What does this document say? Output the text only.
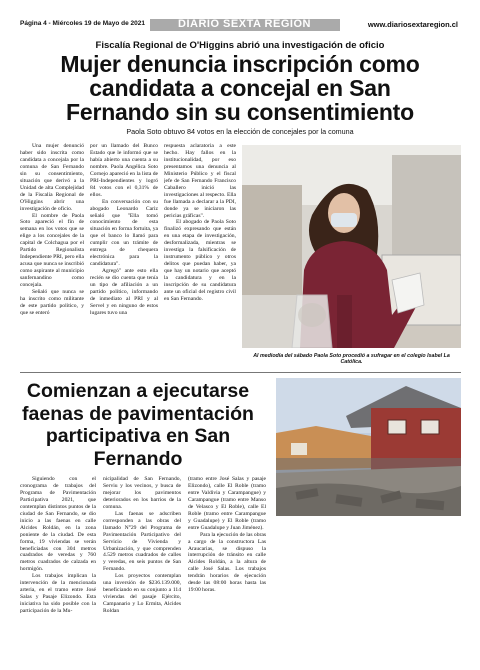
Página 4 - Miércoles 19 de Mayo de 2021	DIARIO SEXTA REGIÓN	www.diariosextaregion.cl
Fiscalía Regional de O'Higgins abrió una investigación de oficio
Mujer denuncia inscripción como candidata a concejal en San Fernando sin su consentimiento
Paola Soto obtuvo 84 votos en la elección de concejales por la comuna

Una mujer denunció haber sido inscrita como candidata a concejala por la comuna de San Fernando sin su consentimiento, situación que derivó a la Unidad de alta Complejidad de la Fiscalía Regional de O'Higgins abrir una investigación de oficio.

El nombre de Paola Soto apareció el fin de semana en los votos que se elige a los concejales de la capital de Colchagua por el Partido Regionalista Independiente PRI, pero ella acusa que nunca se inscribió como aspirante al municipio sanfernandino como concejala.

Señaló que nunca se ha inscrito como militante de este partido político, y que se enteró

por un llamado del Bunco Estado que le informó que se había abierto una cuenta a su nombre. Paola Angélica Soto Cornejo apareció en la lista de PRI-Independientes y logró 84 votos con el 0,31% de ellos.

En conversación con su abogado Leonardo Cariz señaló que "Ella tomó conocimiento de esta situación en forma fortuita, ya que el banco lo llamó para cumplir con un trámite de entrega de chequera electrónica para la candidatura".

Agregó" ante esto ella recién se dio cuenta que tenía un tipo de afiliación a un partido político, informando de inmediato al PRI y al Servel y en ninguno de estos lugares tuvo una

respuesta aclaratoria a este hecho. Hay fallos en la institucionalidad, por eso presentamos una denuncia al Ministerio Público y el fiscal jefe de San Fernando Francisco Caballero inició las investigaciones al respecto. Ella fue llamada a declarar a la PDI, donde ya se iniciaron las pericias gráficas".

El abogado de Paola Soto finalizó expresando que están en una etapa de investigación, desformalizada, mientras se investiga la falsificación de instrumento público y otros delitos que puedan haber, ya que hay un notario que aceptó la candidatura y en la inscripción de su candidatura ante un oficial del registro civil en San Fernando.

Al mediodía del sábado Paola Soto procedió a sufragar en el colegio Isabel La Católica.
Comienzan a ejecutarse faenas de pavimentación participativa en San Fernando

Siguiendo con el cronograma de trabajos del Programa de Pavimentación Participativa 2021, que contemplan distintos puntos de la ciudad de San Fernando, se dio inicio a las faenas en calle Alcides Roldán, en la zona poniente de la ciudad. De esta forma, 19 viviendas se verán beneficiadas con 304 metros cuadrados de veredas y 760 metros cuadrados de calzada en hormigón.

Los trabajos implican la intervención de la mencionada arteria, en el tramo entre José Salas y Pasaje Elizondo. Esta iniciativa ha sido posible con la participación de la Mu-

nicipalidad de San Fernando, Serviu y los vecinos, y busca de mejorar los pavimentos deteriorados en los barrios de la comuna.

Las faenas se adscriben corresponden a las obras del llamado N°29 del Programa de Pavimentación Participativo del Servicio de Vivienda y Urbanización, y que comprenden 4.529 metros cuadrados de calles y veredas, en seis puntos de San Fernando.

Los proyectos contemplan una inversión de $236.139.000, beneficiando en su conjunto a 114 viviendas del pasaje Ejército, Campanario y Lo Ermita, Alcides Roldan

(tramo entre José Salas y pasaje Elizondo), calle El Roble (tramo entre Valdivia y Carampangue) y Carampangue (tramo entre Manso de Velasco y El Roble), calle El Roble (tramo entre Carampangue y Guadalupe) y El Roble (tramo entre Guadalupe y Juan Jiménez).

Para la ejecución de las obras a cargo de la constructora Las Araucarias, se dispuso la interrupción de tránsito en calle Alcides Roldán, a la altura de calle José Salas. Los trabajos tendrán horarios de ejecución desde las 08:00 horas hasta las 19:00 horas.
